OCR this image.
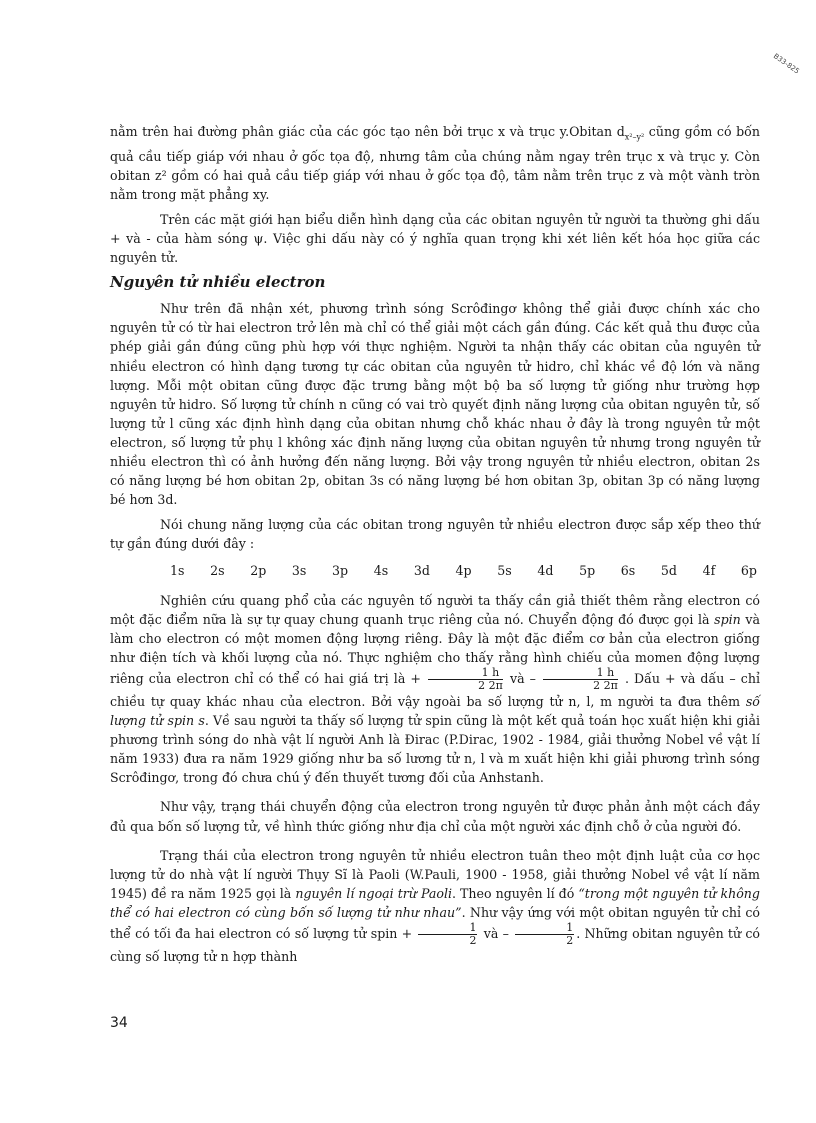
B33-825

nằm trên hai đường phân giác của các góc tạo nên bởi trục x và trục y.Obitan $d_{x^2-y^2}$ cũng gồm có bốn quả cầu tiếp giáp với nhau ở gốc tọa độ, nhưng tâm của chúng nằm ngay trên trục x và trục y. Còn obitan z² gồm có hai quả cầu tiếp giáp với nhau ở gốc tọa độ, tâm nằm trên trục z và một vành tròn nằm trong mặt phẳng xy.

Trên các mặt giới hạn biểu diễn hình dạng của các obitan nguyên tử người ta thường ghi dấu + và - của hàm sóng ψ. Việc ghi dấu này có ý nghĩa quan trọng khi xét liên kết hóa học giữa các nguyên tử.

Nguyên tử nhiều electron

Như trên đã nhận xét, phương trình sóng Scrôđingơ không thể giải được chính xác cho nguyên tử có từ hai electron trở lên mà chỉ có thể giải một cách gần đúng. Các kết quả thu được của phép giải gần đúng cũng phù hợp với thực nghiệm. Người ta nhận thấy các obitan của nguyên tử nhiều electron có hình dạng tương tự các obitan của nguyên tử hidro, chỉ khác về độ lớn và năng lượng. Mỗi một obitan cũng được đặc trưng bằng một bộ ba số lượng tử giống như trường hợp nguyên tử hidro. Số lượng tử chính n cũng có vai trò quyết định năng lượng của obitan nguyên tử, số lượng tử l cũng xác định hình dạng của obitan nhưng chỗ khác nhau ở đây là trong nguyên tử một electron, số lượng tử phụ l không xác định năng lượng của obitan nguyên tử nhưng trong nguyên tử nhiều electron thì có ảnh hưởng đến năng lượng. Bởi vậy trong nguyên tử nhiều electron, obitan 2s có năng lượng bé hơn obitan 2p, obitan 3s có năng lượng bé hơn obitan 3p, obitan 3p có năng lượng bé hơn 3d.

Nói chung năng lượng của các obitan trong nguyên tử nhiều electron được sắp xếp theo thứ tự gần đúng dưới đây :

1s 2s 2p 3s 3p 4s 3d 4p 5s 4d 5p 6s 5d 4f 6p

Nghiên cứu quang phổ của các nguyên tố người ta thấy cần giả thiết thêm rằng electron có một đặc điểm nữa là sự tự quay chung quanh trục riêng của nó. Chuyển động đó được gọi là spin và làm cho electron có một momen động lượng riêng. Đây là một đặc điểm cơ bản của electron giống như điện tích và khối lượng của nó. Thực nghiệm cho thấy rằng hình chiếu của momen động lượng riêng của electron chỉ có thể có hai giá trị là + $\frac{1 h}{2 2\pi}$ và – $\frac{1 h}{2 2\pi}$ . Dấu + và dấu – chỉ chiều tự quay khác nhau của electron. Bởi vậy ngoài ba số lượng tử n, l, m người ta đưa thêm số lượng tử spin s. Về sau người ta thấy số lượng tử spin cũng là một kết quả toán học xuất hiện khi giải phương trình sóng do nhà vật lí người Anh là Đirac (P.Dirac, 1902 - 1984, giải thưởng Nobel về vật lí năm 1933) đưa ra năm 1929 giống như ba số lương tử n, l và m xuất hiện khi giải phương trình sóng Scrôđingơ, trong đó chưa chú ý đến thuyết tương đối của Anhstanh.

Như vậy, trạng thái chuyển động của electron trong nguyên tử được phản ảnh một cách đầy đủ qua bốn số lượng tử, về hình thức giống như địa chỉ của một người xác định chỗ ở của người đó.

Trạng thái của electron trong nguyên tử nhiều electron tuân theo một định luật của cơ học lượng tử do nhà vật lí người Thụy Sĩ là Paoli (W.Pauli, 1900 - 1958, giải thưởng Nobel về vật lí năm 1945) đề ra năm 1925 gọi là nguyên lí ngoại trừ Paoli. Theo nguyên lí đó “trong một nguyên tử không thể có hai electron có cùng bốn số lượng tử như nhau”. Như vậy ứng với một obitan nguyên tử chỉ có thể có tối đa hai electron có số lượng tử spin + $\frac{1}{2}$ và – $\frac{1}{2}$ . Những obitan nguyên tử có cùng số lượng tử n hợp thành

34
